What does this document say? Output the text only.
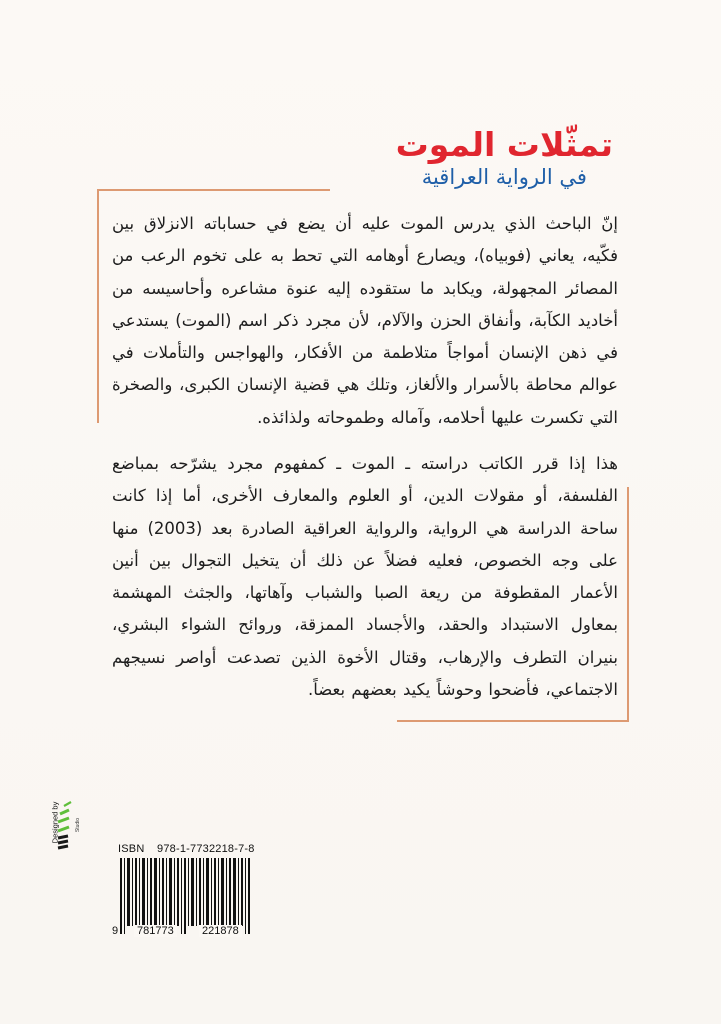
تمثّلات الموت
في الرواية العراقية

إنّ الباحث الذي يدرس الموت عليه أن يضع في حساباته الانزلاق بين فكّيه، يعاني (فوبياه)، ويصارع أوهامه التي تحط به على تخوم الرعب من المصائر المجهولة، ويكابد ما ستقوده إليه عنوة مشاعره وأحاسيسه من أخاديد الكآبة، وأنفاق الحزن والآلام، لأن مجرد ذكر اسم (الموت) يستدعي في ذهن الإنسان أمواجاً متلاطمة من الأفكار، والهواجس والتأملات في عوالم محاطة بالأسرار والألغاز، وتلك هي قضية الإنسان الكبرى، والصخرة التي تكسرت عليها أحلامه، وآماله وطموحاته ولذائذه.

هذا إذا قرر الكاتب دراسته ـ الموت ـ كمفهوم مجرد يشرّحه بمباضع الفلسفة، أو مقولات الدين، أو العلوم والمعارف الأخرى، أما إذا كانت ساحة الدراسة هي الرواية، والرواية العراقية الصادرة بعد (2003) منها على وجه الخصوص، فعليه فضلاً عن ذلك أن يتخيل التجوال بين أنين الأعمار المقطوفة من ريعة الصبا والشباب وآهاتها، والجثث المهشمة بمعاول الاستبداد والحقد، والأجساد الممزقة، وروائح الشواء البشري، بنيران التطرف والإرهاب، وقتال الأخوة الذين تصدعت أواصر نسيجهم الاجتماعي، فأضحوا وحوشاً يكيد بعضهم بعضاً.

Designed by	Studio
ISBN 978-1-7732218-7-8
9 781773	221878
